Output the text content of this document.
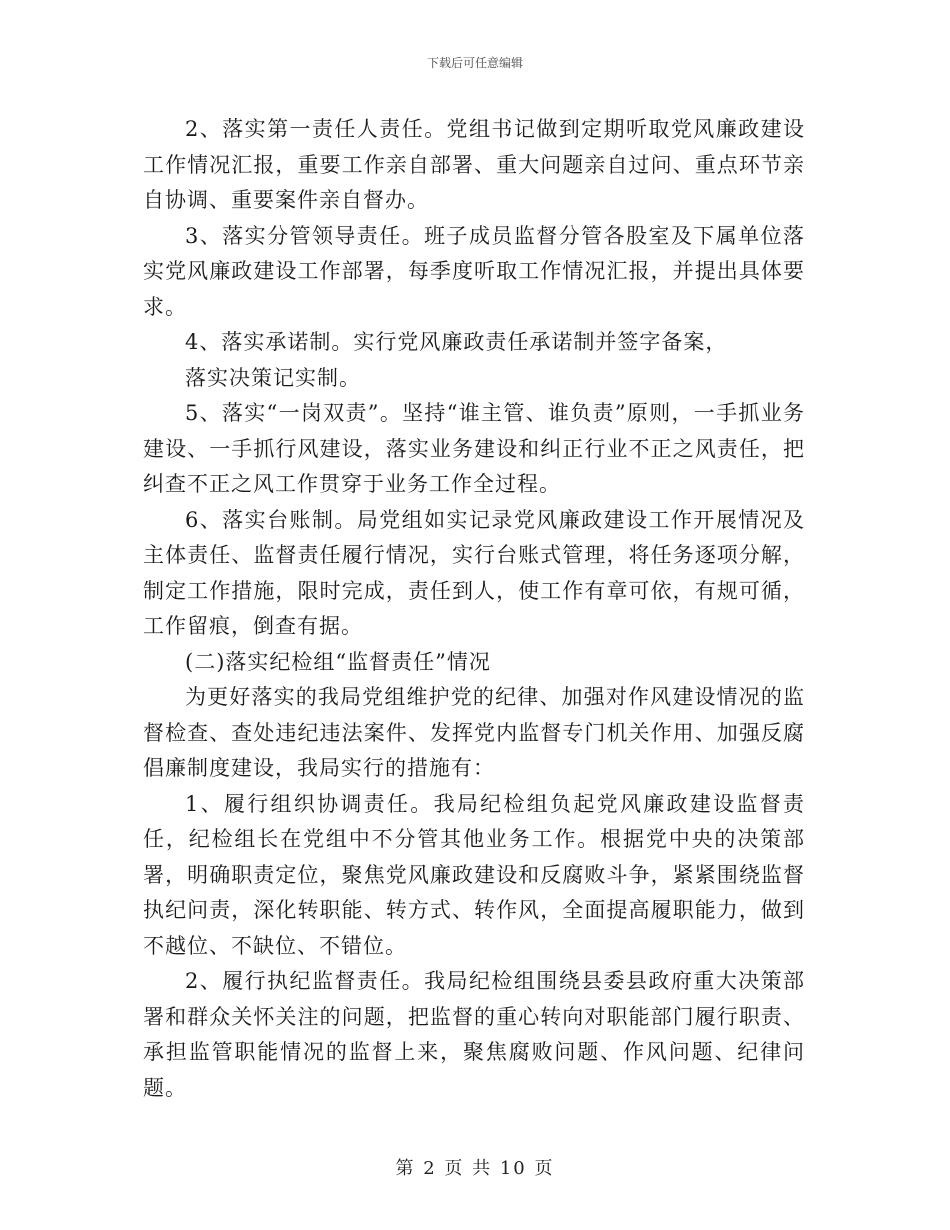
下载后可任意编辑

2、落实第一责任人责任。党组书记做到定期听取党风廉政建设工作情况汇报，重要工作亲自部署、重大问题亲自过问、重点环节亲自协调、重要案件亲自督办。

3、落实分管领导责任。班子成员监督分管各股室及下属单位落实党风廉政建设工作部署，每季度听取工作情况汇报，并提出具体要求。

4、落实承诺制。实行党风廉政责任承诺制并签字备案，

落实决策记实制。

5、落实“一岗双责”。坚持“谁主管、谁负责”原则，一手抓业务建设、一手抓行风建设，落实业务建设和纠正行业不正之风责任，把纠查不正之风工作贯穿于业务工作全过程。

6、落实台账制。局党组如实记录党风廉政建设工作开展情况及主体责任、监督责任履行情况，实行台账式管理，将任务逐项分解，制定工作措施，限时完成，责任到人，使工作有章可依，有规可循，工作留痕，倒查有据。

(二)落实纪检组“监督责任”情况

为更好落实的我局党组维护党的纪律、加强对作风建设情况的监督检查、查处违纪违法案件、发挥党内监督专门机关作用、加强反腐倡廉制度建设，我局实行的措施有：

1、履行组织协调责任。我局纪检组负起党风廉政建设监督责任，纪检组长在党组中不分管其他业务工作。根据党中央的决策部署，明确职责定位，聚焦党风廉政建设和反腐败斗争，紧紧围绕监督执纪问责，深化转职能、转方式、转作风，全面提高履职能力，做到不越位、不缺位、不错位。

2、履行执纪监督责任。我局纪检组围绕县委县政府重大决策部署和群众关怀关注的问题，把监督的重心转向对职能部门履行职责、承担监管职能情况的监督上来，聚焦腐败问题、作风问题、纪律问题。

第 2 页 共 10 页
